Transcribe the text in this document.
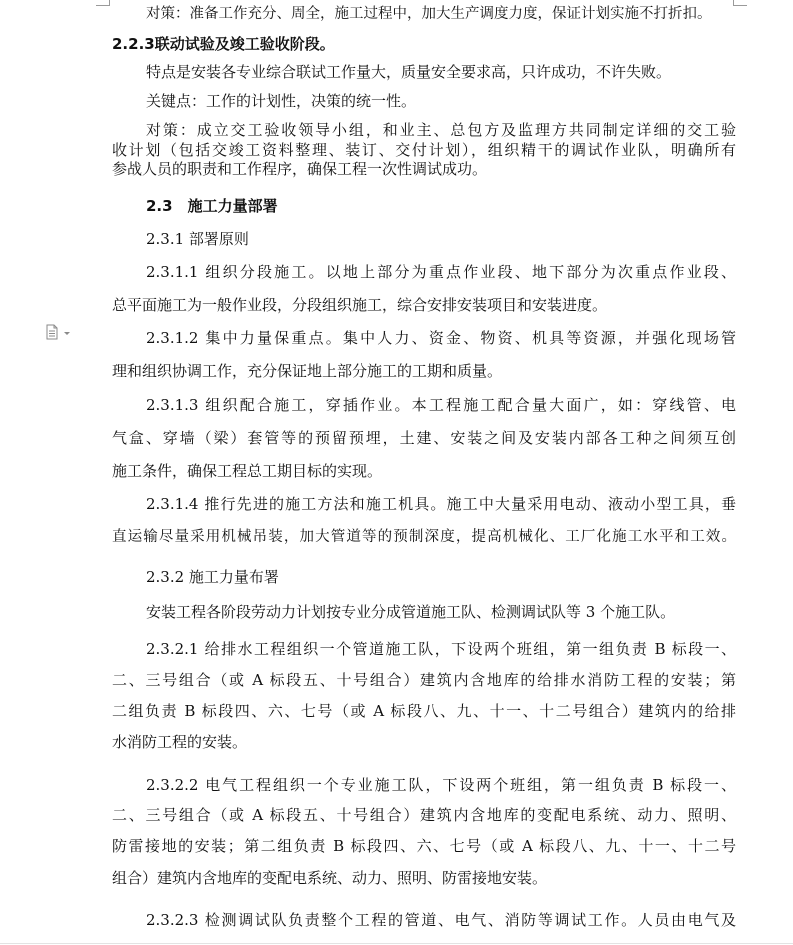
对策：准备工作充分、周全，施工过程中，加大生产调度力度，保证计划实施不打折扣。
2.2.3联动试验及竣工验收阶段。
特点是安装各专业综合联试工作量大，质量安全要求高，只许成功，不许失败。
关键点：工作的计划性，决策的统一性。
对策：成立交工验收领导小组，和业主、总包方及监理方共同制定详细的交工验
收计划（包括交竣工资料整理、装订、交付计划），组织精干的调试作业队，明确所有
参战人员的职责和工作程序，确保工程一次性调试成功。
2.3　施工力量部署
2.3.1 部署原则
2.3.1.1 组织分段施工。以地上部分为重点作业段、地下部分为次重点作业段、
总平面施工为一般作业段，分段组织施工，综合安排安装项目和安装进度。
2.3.1.2 集中力量保重点。集中人力、资金、物资、机具等资源，并强化现场管
理和组织协调工作，充分保证地上部分施工的工期和质量。
2.3.1.3 组织配合施工，穿插作业。本工程施工配合量大面广，如：穿线管、电
气盒、穿墙（梁）套管等的预留预埋，土建、安装之间及安装内部各工种之间须互创
施工条件，确保工程总工期目标的实现。
2.3.1.4 推行先进的施工方法和施工机具。施工中大量采用电动、液动小型工具，垂
直运输尽量采用机械吊装，加大管道等的预制深度，提高机械化、工厂化施工水平和工效。
2.3.2 施工力量布署
安装工程各阶段劳动力计划按专业分成管道施工队、检测调试队等 3 个施工队。
2.3.2.1 给排水工程组织一个管道施工队，下设两个班组，第一组负责 B 标段一、
二、三号组合（或 A 标段五、十号组合）建筑内含地库的给排水消防工程的安装；第
二组负责 B 标段四、六、七号（或 A 标段八、九、十一、十二号组合）建筑内的给排
水消防工程的安装。
2.3.2.2 电气工程组织一个专业施工队，下设两个班组，第一组负责 B 标段一、
二、三号组合（或 A 标段五、十号组合）建筑内含地库的变配电系统、动力、照明、
防雷接地的安装；第二组负责 B 标段四、六、七号（或 A 标段八、九、十一、十二号
组合）建筑内含地库的变配电系统、动力、照明、防雷接地安装。
2.3.2.3 检测调试队负责整个工程的管道、电气、消防等调试工作。人员由电气及
